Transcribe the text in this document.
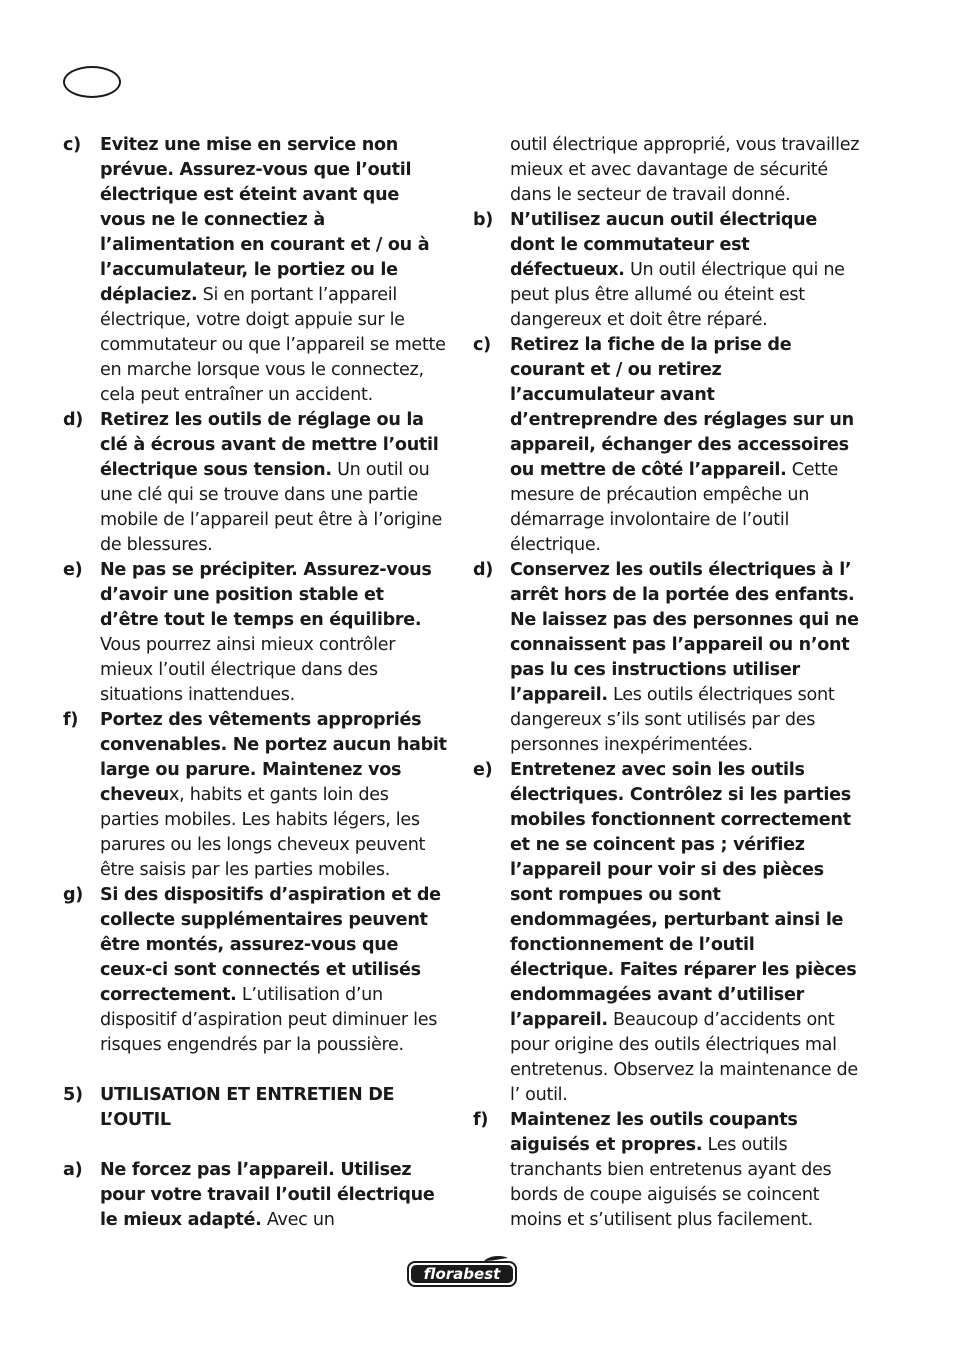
c)	Evitez une mise en service non prévue. Assurez-vous que l’outil électrique est éteint avant que vous ne le connectiez à l’alimentation en courant et / ou à l’accumulateur, le portiez ou le déplaciez. Si en portant l’appareil électrique, votre doigt appuie sur le commutateur ou que l’appareil se mette en marche lorsque vous le connectez, cela peut entraîner un accident.
d) Retirez les outils de réglage ou la clé à écrous avant de mettre l’outil électrique sous tension. Un outil ou une clé qui se trouve dans une partie mobile de l’appareil peut être à l’origine de blessures.
e)	Ne pas se précipiter. Assurez-vous d’avoir une position stable et d’être tout le temps en équilibre. Vous pourrez ainsi mieux contrôler mieux l’outil électrique dans des situations inattendues.
f)	Portez des vêtements appropriés convenables. Ne portez aucun habit large ou parure. Maintenez vos cheveux, habits et gants loin des parties mobiles. Les habits légers, les parures ou les longs cheveux peuvent être saisis par les parties mobiles.
g) Si des dispositifs d’aspiration et de collecte supplémentaires peuvent être montés, assurez-vous que ceux-ci sont connectés et utilisés correctement. L’utilisation d’un dispositif d’aspiration peut diminuer les risques engendrés par la poussière.
5) UTILISATION ET ENTRETIEN DE L’OUTIL
a)	Ne forcez pas l’appareil. Utilisez pour votre travail l’outil électrique le mieux adapté. Avec un
outil électrique approprié, vous travaillez mieux et avec davantage de sécurité dans le secteur de travail donné.
b) N’utilisez aucun outil électrique dont le commutateur est défectueux. Un outil électrique qui ne peut plus être allumé ou éteint est dangereux et doit être réparé.
c)	Retirez la fiche de la prise de courant et / ou retirez l’accumulateur avant d’entreprendre des réglages sur un appareil, échanger des accessoires ou mettre de côté l’appareil. Cette mesure de précaution empêche un démarrage involontaire de l’outil électrique.
d) Conservez les outils électriques à l’ arrêt hors de la portée des enfants. Ne laissez pas des personnes qui ne connaissent pas l’appareil ou n’ont pas lu ces instructions utiliser l’appareil. Les outils électriques sont dangereux s’ils sont utilisés par des personnes inexpérimentées.
e)	Entretenez avec soin les outils électriques. Contrôlez si les parties mobiles fonctionnent correctement et ne se coincent pas ; vérifiez l’appareil pour voir si des pièces sont rompues ou sont endommagées, perturbant ainsi le fonctionnement de l’outil électrique. Faites réparer les pièces endommagées avant d’utiliser l’appareil. Beaucoup d’accidents ont pour origine des outils électriques mal entretenus. Observez la maintenance de l’ outil.
f)	Maintenez les outils coupants aiguisés et propres. Les outils tranchants bien entretenus ayant des bords de coupe aiguisés se coincent moins et s’utilisent plus facilement.
florabest
